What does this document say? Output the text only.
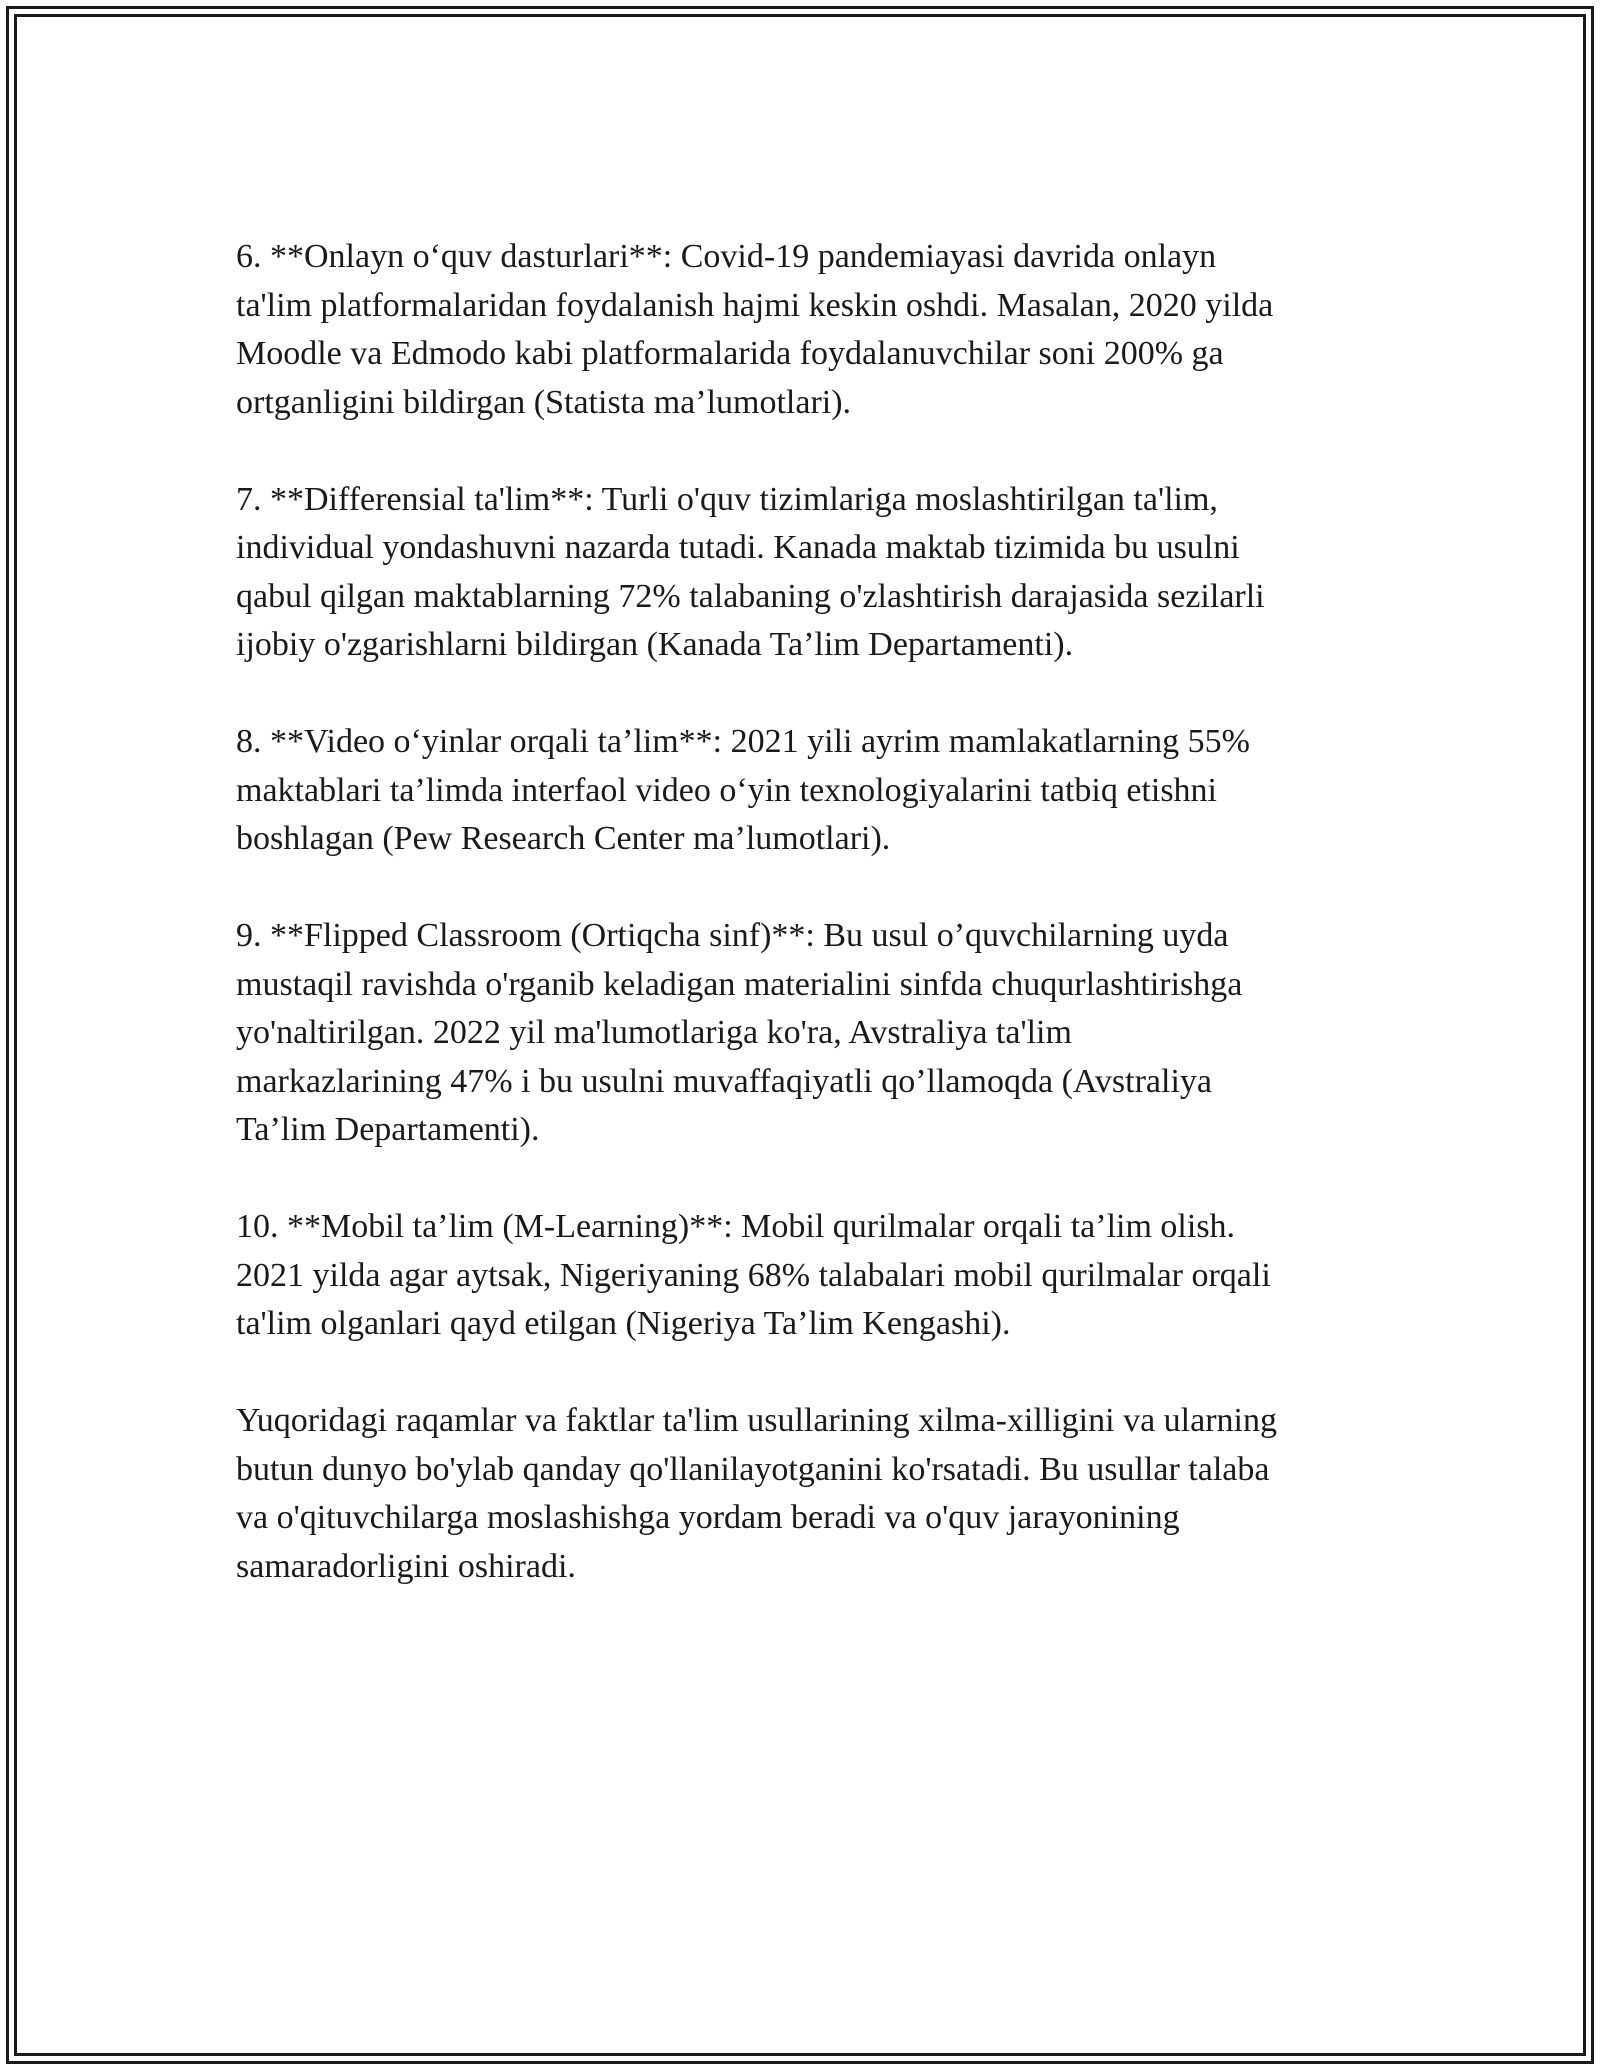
6. **Onlayn o‘quv dasturlari**: Covid-19 pandemiayasi davrida onlayn
ta'lim platformalaridan foydalanish hajmi keskin oshdi. Masalan, 2020 yilda
Moodle va Edmodo kabi platformalarida foydalanuvchilar soni 200% ga
ortganligini bildirgan (Statista ma’lumotlari).

7. **Differensial ta'lim**: Turli o'quv tizimlariga moslashtirilgan ta'lim,
individual yondashuvni nazarda tutadi. Kanada maktab tizimida bu usulni
qabul qilgan maktablarning 72% talabaning o'zlashtirish darajasida sezilarli
ijobiy o'zgarishlarni bildirgan (Kanada Ta’lim Departamenti).

8. **Video o‘yinlar orqali ta’lim**: 2021 yili ayrim mamlakatlarning 55%
maktablari ta’limda interfaol video o‘yin texnologiyalarini tatbiq etishni
boshlagan (Pew Research Center ma’lumotlari).

9. **Flipped Classroom (Ortiqcha sinf)**: Bu usul o’quvchilarning uyda
mustaqil ravishda o'rganib keladigan materialini sinfda chuqurlashtirishga
yo'naltirilgan. 2022 yil ma'lumotlariga ko'ra, Avstraliya ta'lim
markazlarining 47% i bu usulni muvaffaqiyatli qo’llamoqda (Avstraliya
Ta’lim Departamenti).

10. **Mobil ta’lim (M-Learning)**: Mobil qurilmalar orqali ta’lim olish.
2021 yilda agar aytsak, Nigeriyaning 68% talabalari mobil qurilmalar orqali
ta'lim olganlari qayd etilgan (Nigeriya Ta’lim Kengashi).

Yuqoridagi raqamlar va faktlar ta'lim usullarining xilma-xilligini va ularning
butun dunyo bo'ylab qanday qo'llanilayotganini ko'rsatadi. Bu usullar talaba
va o'qituvchilarga moslashishga yordam beradi va o'quv jarayonining
samaradorligini oshiradi.
